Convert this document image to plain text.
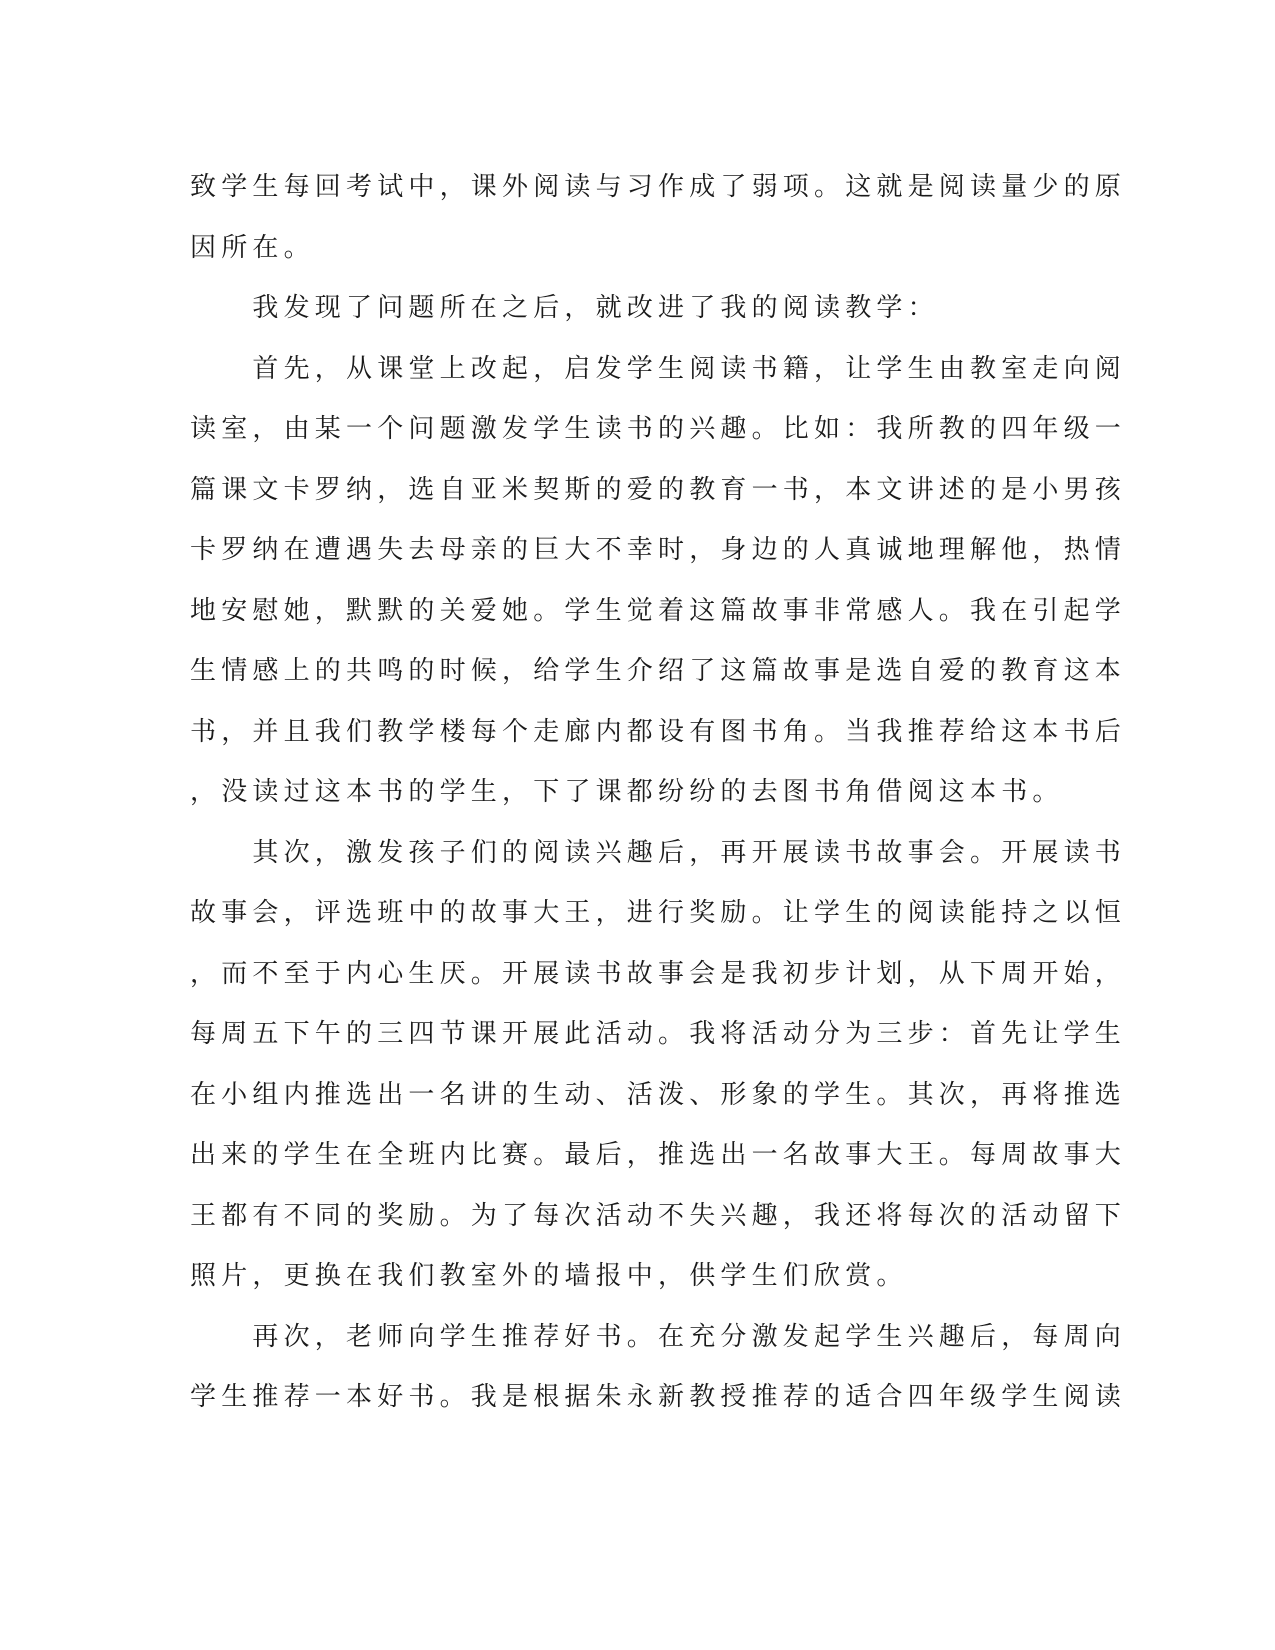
致学生每回考试中，课外阅读与习作成了弱项。这就是阅读量少的原
因所在。
　　我发现了问题所在之后，就改进了我的阅读教学：
　　首先，从课堂上改起，启发学生阅读书籍，让学生由教室走向阅
读室，由某一个问题激发学生读书的兴趣。比如：我所教的四年级一
篇课文卡罗纳，选自亚米契斯的爱的教育一书，本文讲述的是小男孩
卡罗纳在遭遇失去母亲的巨大不幸时，身边的人真诚地理解他，热情
地安慰她，默默的关爱她。学生觉着这篇故事非常感人。我在引起学
生情感上的共鸣的时候，给学生介绍了这篇故事是选自爱的教育这本
书，并且我们教学楼每个走廊内都设有图书角。当我推荐给这本书后
，没读过这本书的学生，下了课都纷纷的去图书角借阅这本书。
　　其次，激发孩子们的阅读兴趣后，再开展读书故事会。开展读书
故事会，评选班中的故事大王，进行奖励。让学生的阅读能持之以恒
，而不至于内心生厌。开展读书故事会是我初步计划，从下周开始，
每周五下午的三四节课开展此活动。我将活动分为三步：首先让学生
在小组内推选出一名讲的生动、活泼、形象的学生。其次，再将推选
出来的学生在全班内比赛。最后，推选出一名故事大王。每周故事大
王都有不同的奖励。为了每次活动不失兴趣，我还将每次的活动留下
照片，更换在我们教室外的墙报中，供学生们欣赏。
　　再次，老师向学生推荐好书。在充分激发起学生兴趣后，每周向
学生推荐一本好书。我是根据朱永新教授推荐的适合四年级学生阅读
